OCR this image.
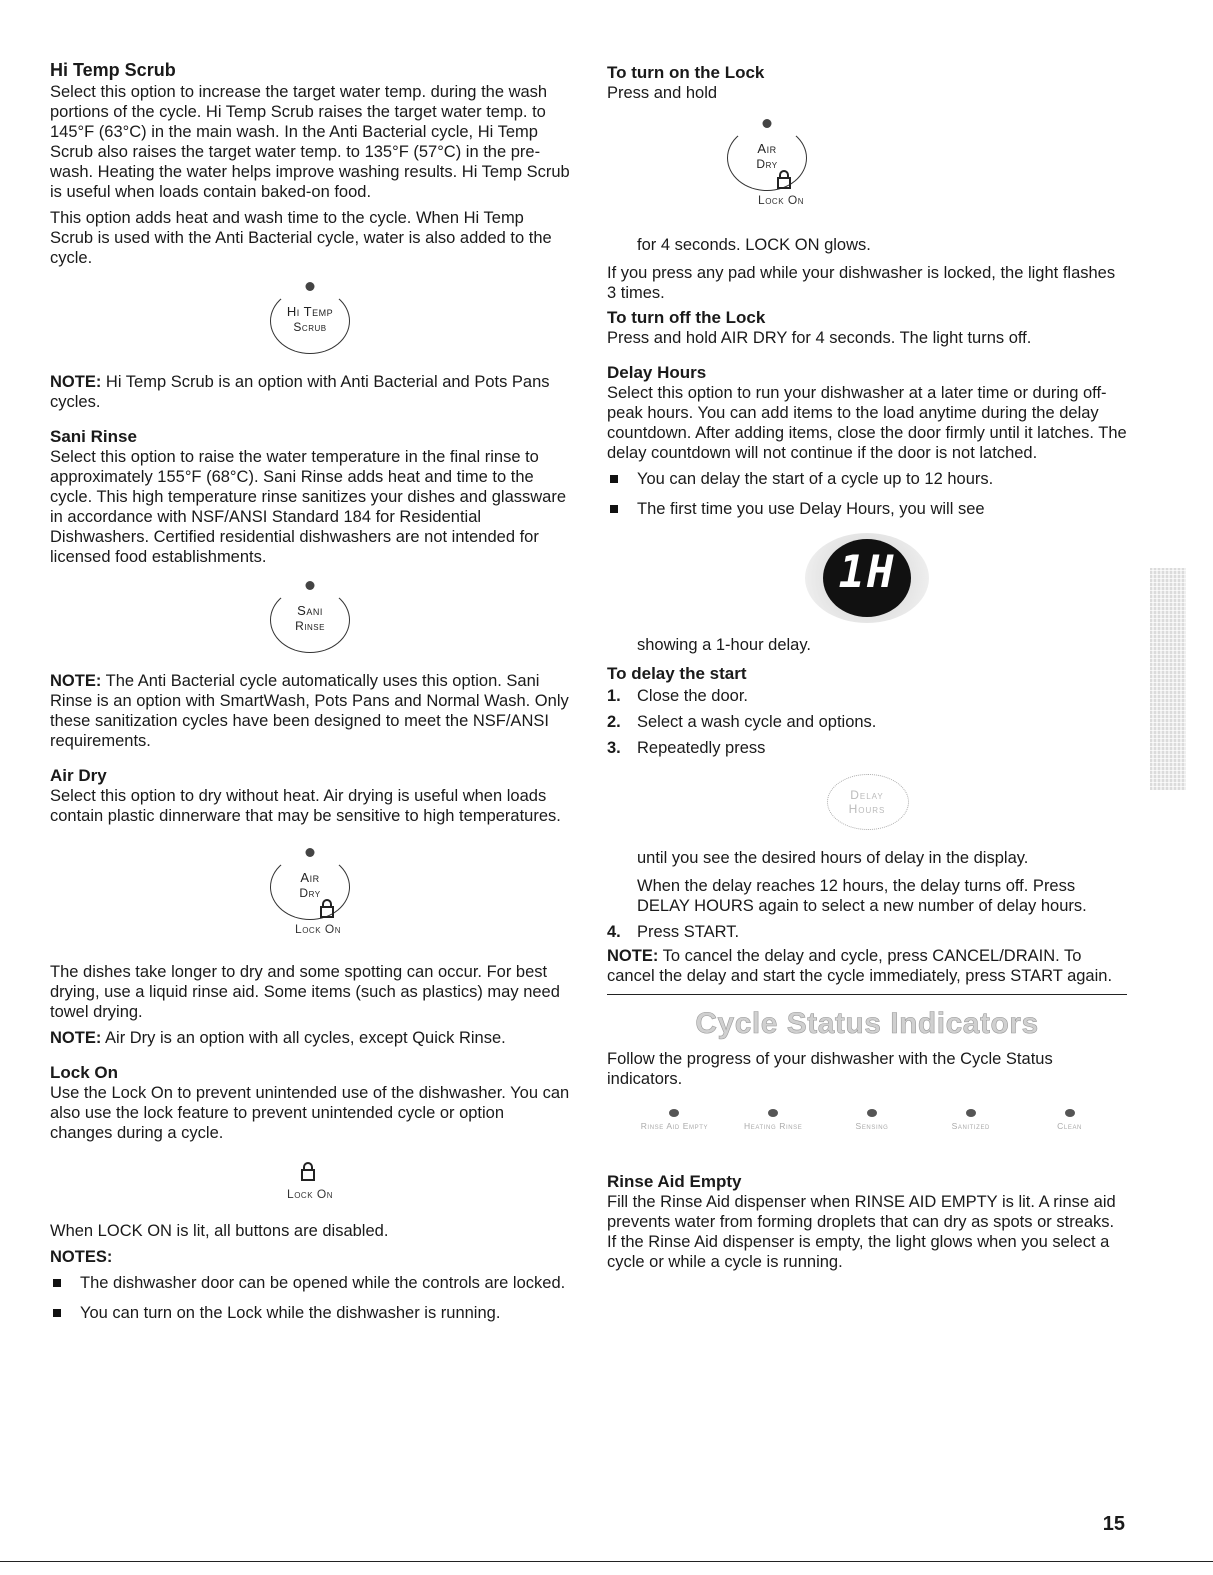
Hi Temp Scrub

Select this option to increase the target water temp. during the wash portions of the cycle. Hi Temp Scrub raises the target water temp. to 145°F (63°C) in the main wash. In the Anti Bacterial cycle, Hi Temp Scrub also raises the target water temp. to 135°F (57°C) in the pre-wash. Heating the water helps improve washing results. Hi Temp Scrub is useful when loads contain baked-on food.

This option adds heat and wash time to the cycle. When Hi Temp Scrub is used with the Anti Bacterial cycle, water is also added to the cycle.

Hi Temp
Scrub

NOTE: Hi Temp Scrub is an option with Anti Bacterial and Pots Pans cycles.

Sani Rinse

Select this option to raise the water temperature in the final rinse to approximately 155°F (68°C). Sani Rinse adds heat and time to the cycle. This high temperature rinse sanitizes your dishes and glassware in accordance with NSF/ANSI Standard 184 for Residential Dishwashers. Certified residential dishwashers are not intended for licensed food establishments.

Sani
Rinse

NOTE: The Anti Bacterial cycle automatically uses this option. Sani Rinse is an option with SmartWash, Pots Pans and Normal Wash. Only these sanitization cycles have been designed to meet the NSF/ANSI requirements.

Air Dry

Select this option to dry without heat. Air drying is useful when loads contain plastic dinnerware that may be sensitive to high temperatures.

Air
Dry
Lock On

The dishes take longer to dry and some spotting can occur. For best drying, use a liquid rinse aid. Some items (such as plastics) may need towel drying.

NOTE: Air Dry is an option with all cycles, except Quick Rinse.

Lock On

Use the Lock On to prevent unintended use of the dishwasher. You can also use the lock feature to prevent unintended cycle or option changes during a cycle.

Lock On

When LOCK ON is lit, all buttons are disabled.

NOTES:

The dishwasher door can be opened while the controls are locked.
You can turn on the Lock while the dishwasher is running.
To turn on the Lock

Press and hold

Air
Dry
Lock On

for 4 seconds. LOCK ON glows.

If you press any pad while your dishwasher is locked, the light flashes 3 times.

To turn off the Lock

Press and hold AIR DRY for 4 seconds. The light turns off.

Delay Hours

Select this option to run your dishwasher at a later time or during off-peak hours. You can add items to the load anytime during the delay countdown. After adding items, close the door firmly until it latches. The delay countdown will not continue if the door is not latched.

You can delay the start of a cycle up to 12 hours.
The first time you use Delay Hours, you will see
1H

showing a 1-hour delay.

To delay the start
1. Close the door.
2. Select a wash cycle and options.
3. Repeatedly press
Delay
Hours

until you see the desired hours of delay in the display.

When the delay reaches 12 hours, the delay turns off. Press DELAY HOURS again to select a new number of delay hours.

4. Press START.

NOTE: To cancel the delay and cycle, press CANCEL/DRAIN. To cancel the delay and start the cycle immediately, press START again.

Cycle Status Indicators

Follow the progress of your dishwasher with the Cycle Status indicators.

Rinse Aid Empty	Heating Rinse	Sensing	Sanitized	Clean
Rinse Aid Empty

Fill the Rinse Aid dispenser when RINSE AID EMPTY is lit. A rinse aid prevents water from forming droplets that can dry as spots or streaks. If the Rinse Aid dispenser is empty, the light glows when you select a cycle or while a cycle is running.

15
